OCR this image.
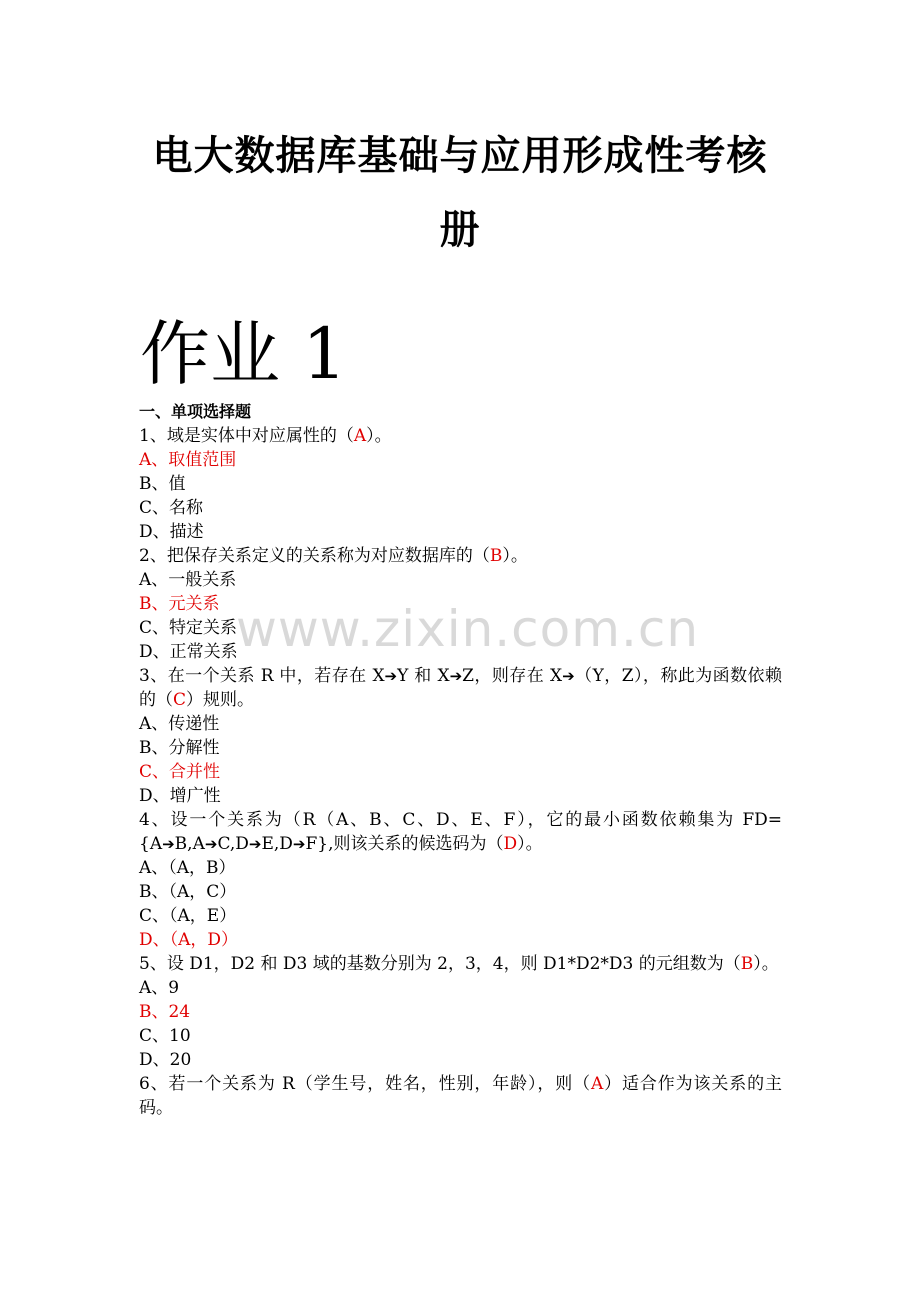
电大数据库基础与应用形成性考核
册
作业 1
一、单项选择题
1、域是实体中对应属性的（A）。
A、取值范围
B、值
C、名称
D、描述
2、把保存关系定义的关系称为对应数据库的（B）。
A、一般关系
B、元关系
C、特定关系
D、正常关系
3、在一个关系 R 中，若存在 X➔Y 和 X➔Z，则存在 X➔（Y，Z），称此为函数依赖的（C）规则。
A、传递性
B、分解性
C、合并性
D、增广性
4、设一个关系为（R（A、B、C、D、E、F），它的最小函数依赖集为 FD={A➔B,A➔C,D➔E,D➔F},则该关系的候选码为（D）。
A、（A，B）
B、（A，C）
C、（A，E）
D、（A，D）
5、设 D1，D2 和 D3 域的基数分别为 2，3，4，则 D1*D2*D3 的元组数为（B）。
A、9
B、24
C、10
D、20
6、若一个关系为 R（学生号，姓名，性别，年龄），则（A）适合作为该关系的主码。
www.zixin.com.cn
